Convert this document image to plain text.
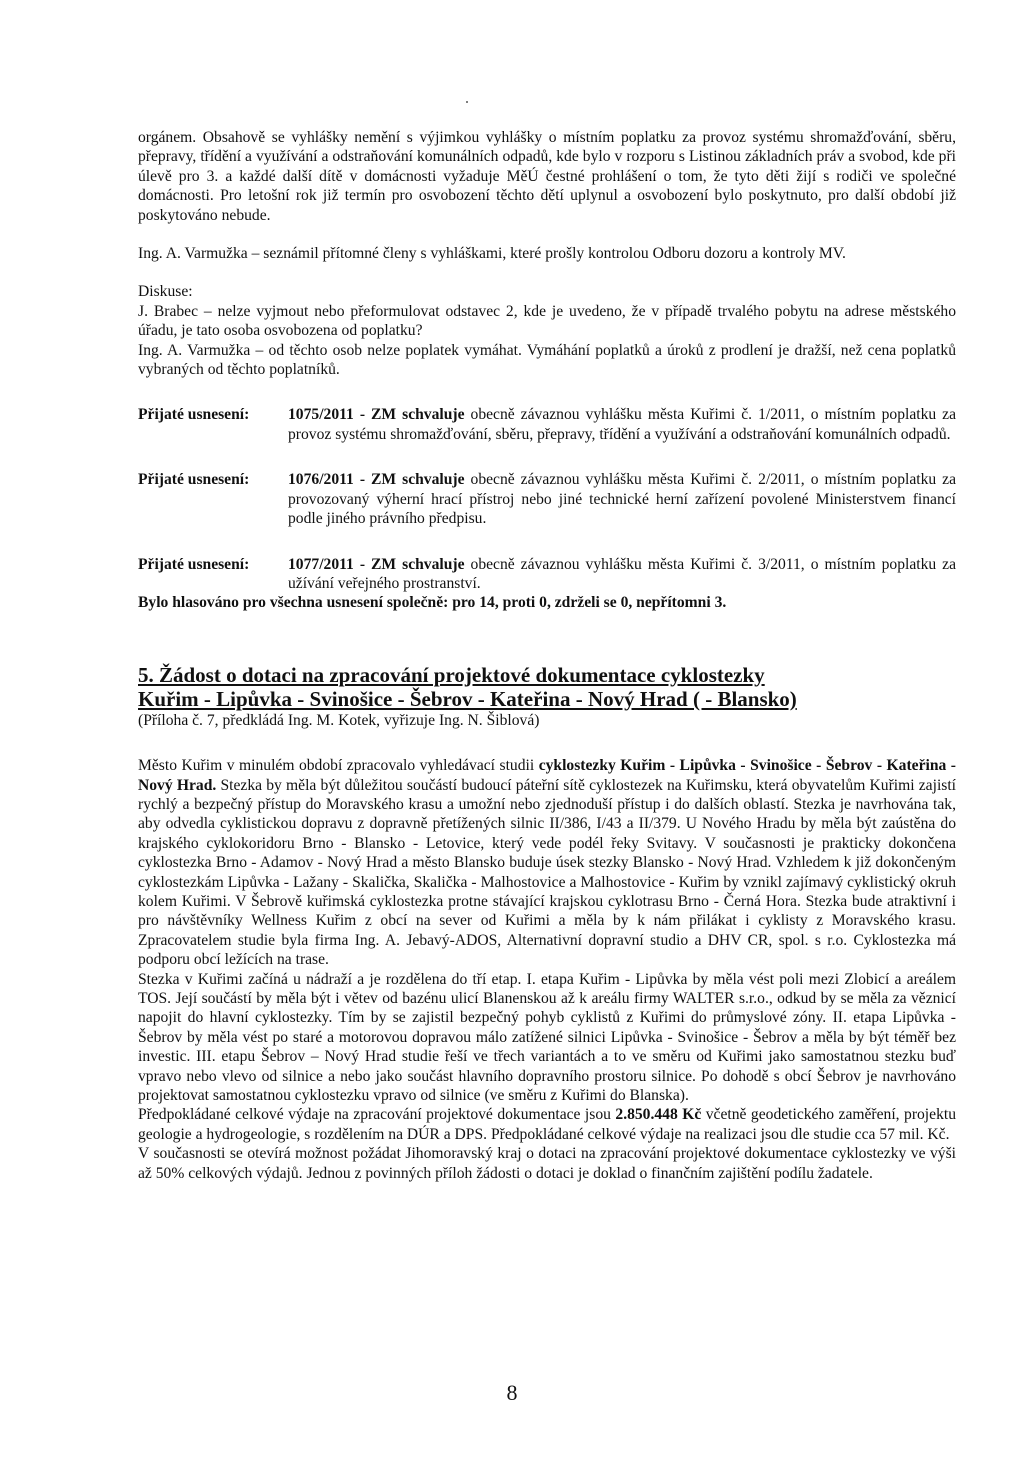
orgánem. Obsahově se vyhlášky nemění s výjimkou vyhlášky o místním poplatku za provoz systému shromažďování, sběru, přepravy, třídění a využívání a odstraňování komunálních odpadů, kde bylo v rozporu s Listinou základních práv a svobod, kde při úlevě pro 3. a každé další dítě v domácnosti vyžaduje MěÚ čestné prohlášení o tom, že tyto děti žijí s rodiči ve společné domácnosti. Pro letošní rok již termín pro osvobození těchto dětí uplynul a osvobození bylo poskytnuto, pro další období již poskytováno nebude.

Ing. A. Varmužka – seznámil přítomné členy s vyhláškami, které prošly kontrolou Odboru dozoru a kontroly MV.

Diskuse:

J. Brabec – nelze vyjmout nebo přeformulovat odstavec 2, kde je uvedeno, že v případě trvalého pobytu na adrese městského úřadu, je tato osoba osvobozena od poplatku?

Ing. A. Varmužka – od těchto osob nelze poplatek vymáhat. Vymáhání poplatků a úroků z prodlení je dražší, než cena poplatků vybraných od těchto poplatníků.

Přijaté usnesení:	1075/2011 - ZM schvaluje obecně závaznou vyhlášku města Kuřimi č. 1/2011, o místním poplatku za provoz systému shromažďování, sběru, přepravy, třídění a využívání a odstraňování komunálních odpadů.
Přijaté usnesení:	1076/2011 - ZM schvaluje obecně závaznou vyhlášku města Kuřimi č. 2/2011, o místním poplatku za provozovaný výherní hrací přístroj nebo jiné technické herní zařízení povolené Ministerstvem financí podle jiného právního předpisu.
Přijaté usnesení:	1077/2011 - ZM schvaluje obecně závaznou vyhlášku města Kuřimi č. 3/2011, o místním poplatku za užívání veřejného prostranství.

Bylo hlasováno pro všechna usnesení společně: pro 14, proti 0, zdrželi se 0, nepřítomni 3.

5. Žádost o dotaci na zpracování projektové dokumentace cyklostezky

Kuřim - Lipůvka - Svinošice - Šebrov - Kateřina - Nový Hrad ( - Blansko)

(Příloha č. 7, předkládá Ing. M. Kotek, vyřizuje Ing. N. Šiblová)

Město Kuřim v minulém období zpracovalo vyhledávací studii cyklostezky Kuřim - Lipůvka - Svinošice - Šebrov - Kateřina - Nový Hrad. Stezka by měla být důležitou součástí budoucí páteřní sítě cyklostezek na Kuřimsku, která obyvatelům Kuřimi zajistí rychlý a bezpečný přístup do Moravského krasu a umožní nebo zjednoduší přístup i do dalších oblastí. Stezka je navrhována tak, aby odvedla cyklistickou dopravu z dopravně přetížených silnic II/386, I/43 a II/379. U Nového Hradu by měla být zaústěna do krajského cyklokoridoru Brno - Blansko - Letovice, který vede podél řeky Svitavy. V současnosti je prakticky dokončena cyklostezka Brno - Adamov - Nový Hrad a město Blansko buduje úsek stezky Blansko - Nový Hrad. Vzhledem k již dokončeným cyklostezkám Lipůvka - Lažany - Skalička, Skalička - Malhostovice a Malhostovice - Kuřim by vznikl zajímavý cyklistický okruh kolem Kuřimi. V Šebrově kuřimská cyklostezka protne stávající krajskou cyklotrasu Brno - Černá Hora. Stezka bude atraktivní i pro návštěvníky Wellness Kuřim z obcí na sever od Kuřimi a měla by k nám přilákat i cyklisty z Moravského krasu. Zpracovatelem studie byla firma Ing. A. Jebavý-ADOS, Alternativní dopravní studio a DHV CR, spol. s r.o. Cyklostezka má podporu obcí ležících na trase.

Stezka v Kuřimi začíná u nádraží a je rozdělena do tří etap. I. etapa Kuřim - Lipůvka by měla vést poli mezi Zlobicí a areálem TOS. Její součástí by měla být i větev od bazénu ulicí Blanenskou až k areálu firmy WALTER s.r.o., odkud by se měla za věznicí napojit do hlavní cyklostezky. Tím by se zajistil bezpečný pohyb cyklistů z Kuřimi do průmyslové zóny. II. etapa Lipůvka - Šebrov by měla vést po staré a motorovou dopravou málo zatížené silnici Lipůvka - Svinošice - Šebrov a měla by být téměř bez investic. III. etapu Šebrov – Nový Hrad studie řeší ve třech variantách a to ve směru od Kuřimi jako samostatnou stezku buď vpravo nebo vlevo od silnice a nebo jako součást hlavního dopravního prostoru silnice. Po dohodě s obcí Šebrov je navrhováno projektovat samostatnou cyklostezku vpravo od silnice (ve směru z Kuřimi do Blanska).

Předpokládané celkové výdaje na zpracování projektové dokumentace jsou 2.850.448 Kč včetně geodetického zaměření, projektu geologie a hydrogeologie, s rozdělením na DÚR a DPS. Předpokládané celkové výdaje na realizaci jsou dle studie cca 57 mil. Kč.

V současnosti se otevírá možnost požádat Jihomoravský kraj o dotaci na zpracování projektové dokumentace cyklostezky ve výši až 50% celkových výdajů. Jednou z povinných příloh žádosti o dotaci je doklad o finančním zajištění podílu žadatele.

8
